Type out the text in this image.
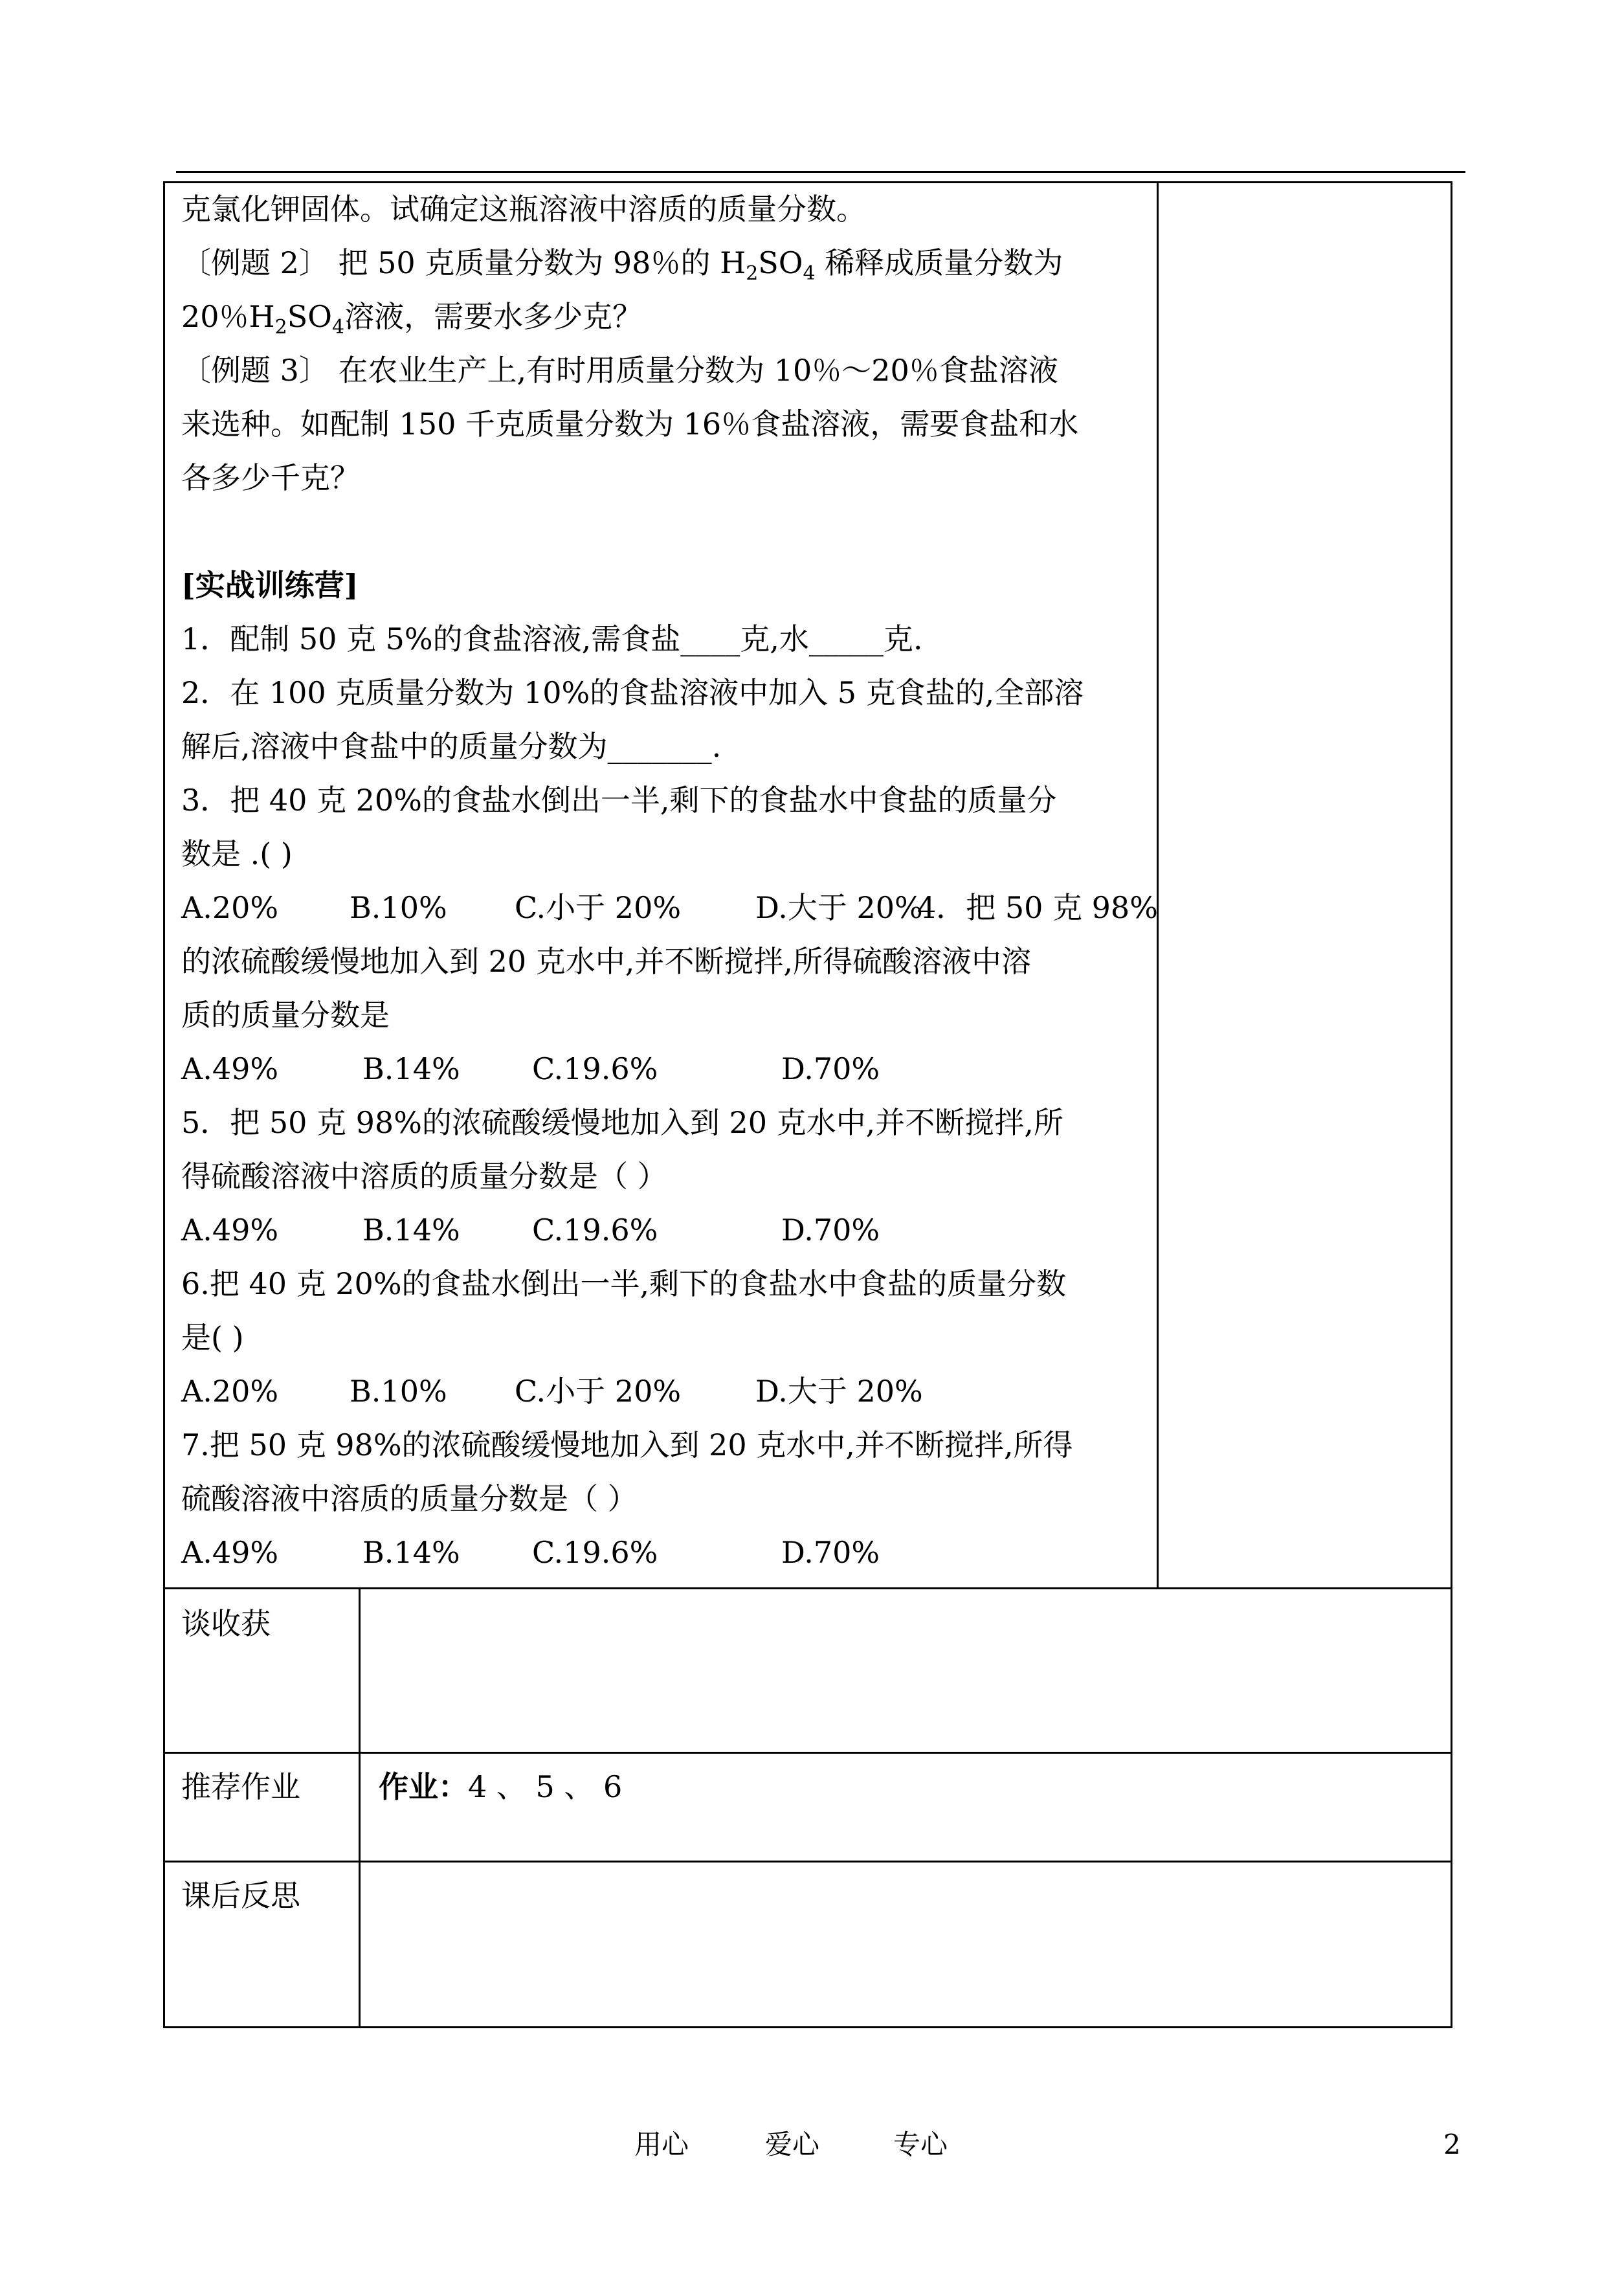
克氯化钾固体。试确定这瓶溶液中溶质的质量分数。
〔例题 2〕 把 50 克质量分数为 98％的 $H_2SO_4$ 稀释成质量分数为
20％$H_2SO_4$溶液，需要水多少克？
〔例题 3〕 在农业生产上,有时用质量分数为 10％～20％食盐溶液
来选种。如配制 150 千克质量分数为 16％食盐溶液，需要食盐和水
各多少千克？
[实战训练营]
1．配制 50 克 5%的食盐溶液,需食盐____克,水_____克.
2．在 100 克质量分数为 10%的食盐溶液中加入 5 克食盐的,全部溶
解后,溶液中食盐中的质量分数为_______.
3．把 40 克 20%的食盐水倒出一半,剩下的食盐水中食盐的质量分
数是 .( )
A.20% B.10% C.小于 20% D.大于 20%4．把 50 克 98%
的浓硫酸缓慢地加入到 20 克水中,并不断搅拌,所得硫酸溶液中溶
质的质量分数是
A.49%	B.14% C.19.6%	D.70%
5．把 50 克 98%的浓硫酸缓慢地加入到 20 克水中,并不断搅拌,所
得硫酸溶液中溶质的质量分数是（ ）
A.49%	B.14% C.19.6%	D.70%
6.把 40 克 20%的食盐水倒出一半,剩下的食盐水中食盐的质量分数
是( )
A.20% B.10% C.小于 20% D.大于 20%
7.把 50 克 98%的浓硫酸缓慢地加入到 20 克水中,并不断搅拌,所得
硫酸溶液中溶质的质量分数是（ ）
A.49%	B.14% C.19.6%	D.70%
谈收获
推荐作业	作业：4 、 5 、 6
课后反思
用心	爱心	专心	2
